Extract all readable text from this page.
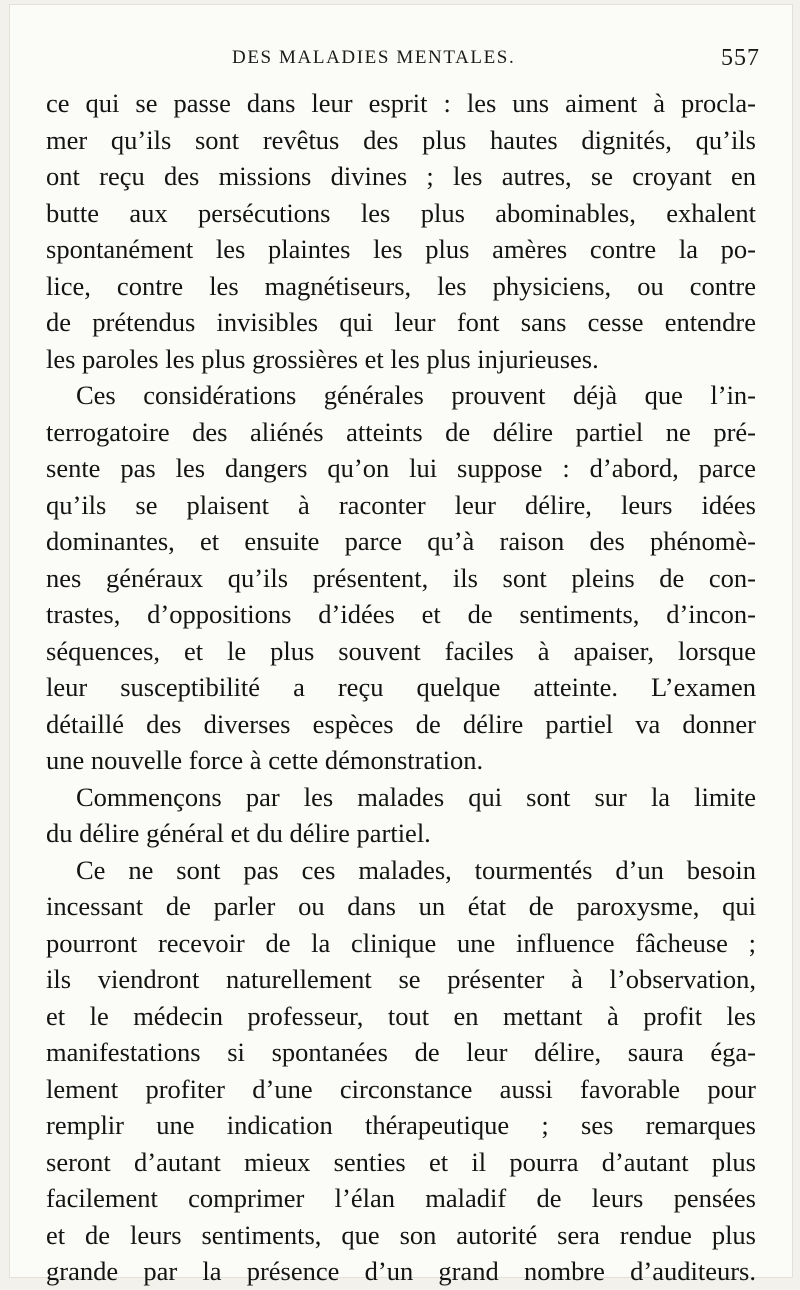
DES MALADIES MENTALES.	557
ce qui se passe dans leur esprit : les uns aiment à procla-
mer qu’ils sont revêtus des plus hautes dignités, qu’ils
ont reçu des missions divines ; les autres, se croyant en
butte aux persécutions les plus abominables, exhalent
spontanément les plaintes les plus amères contre la po-
lice, contre les magnétiseurs, les physiciens, ou contre
de prétendus invisibles qui leur font sans cesse entendre
les paroles les plus grossières et les plus injurieuses.
Ces considérations générales prouvent déjà que l’in-
terrogatoire des aliénés atteints de délire partiel ne pré-
sente pas les dangers qu’on lui suppose : d’abord, parce
qu’ils se plaisent à raconter leur délire, leurs idées
dominantes, et ensuite parce qu’à raison des phénomè-
nes généraux qu’ils présentent, ils sont pleins de con-
trastes, d’oppositions d’idées et de sentiments, d’incon-
séquences, et le plus souvent faciles à apaiser, lorsque
leur susceptibilité a reçu quelque atteinte. L’examen
détaillé des diverses espèces de délire partiel va donner
une nouvelle force à cette démonstration.
Commençons par les malades qui sont sur la limite
du délire général et du délire partiel.
Ce ne sont pas ces malades, tourmentés d’un besoin
incessant de parler ou dans un état de paroxysme, qui
pourront recevoir de la clinique une influence fâcheuse ;
ils viendront naturellement se présenter à l’observation,
et le médecin professeur, tout en mettant à profit les
manifestations si spontanées de leur délire, saura éga-
lement profiter d’une circonstance aussi favorable pour
remplir une indication thérapeutique ; ses remarques
seront d’autant mieux senties et il pourra d’autant plus
facilement comprimer l’élan maladif de leurs pensées
et de leurs sentiments, que son autorité sera rendue plus
grande par la présence d’un grand nombre d’auditeurs.
